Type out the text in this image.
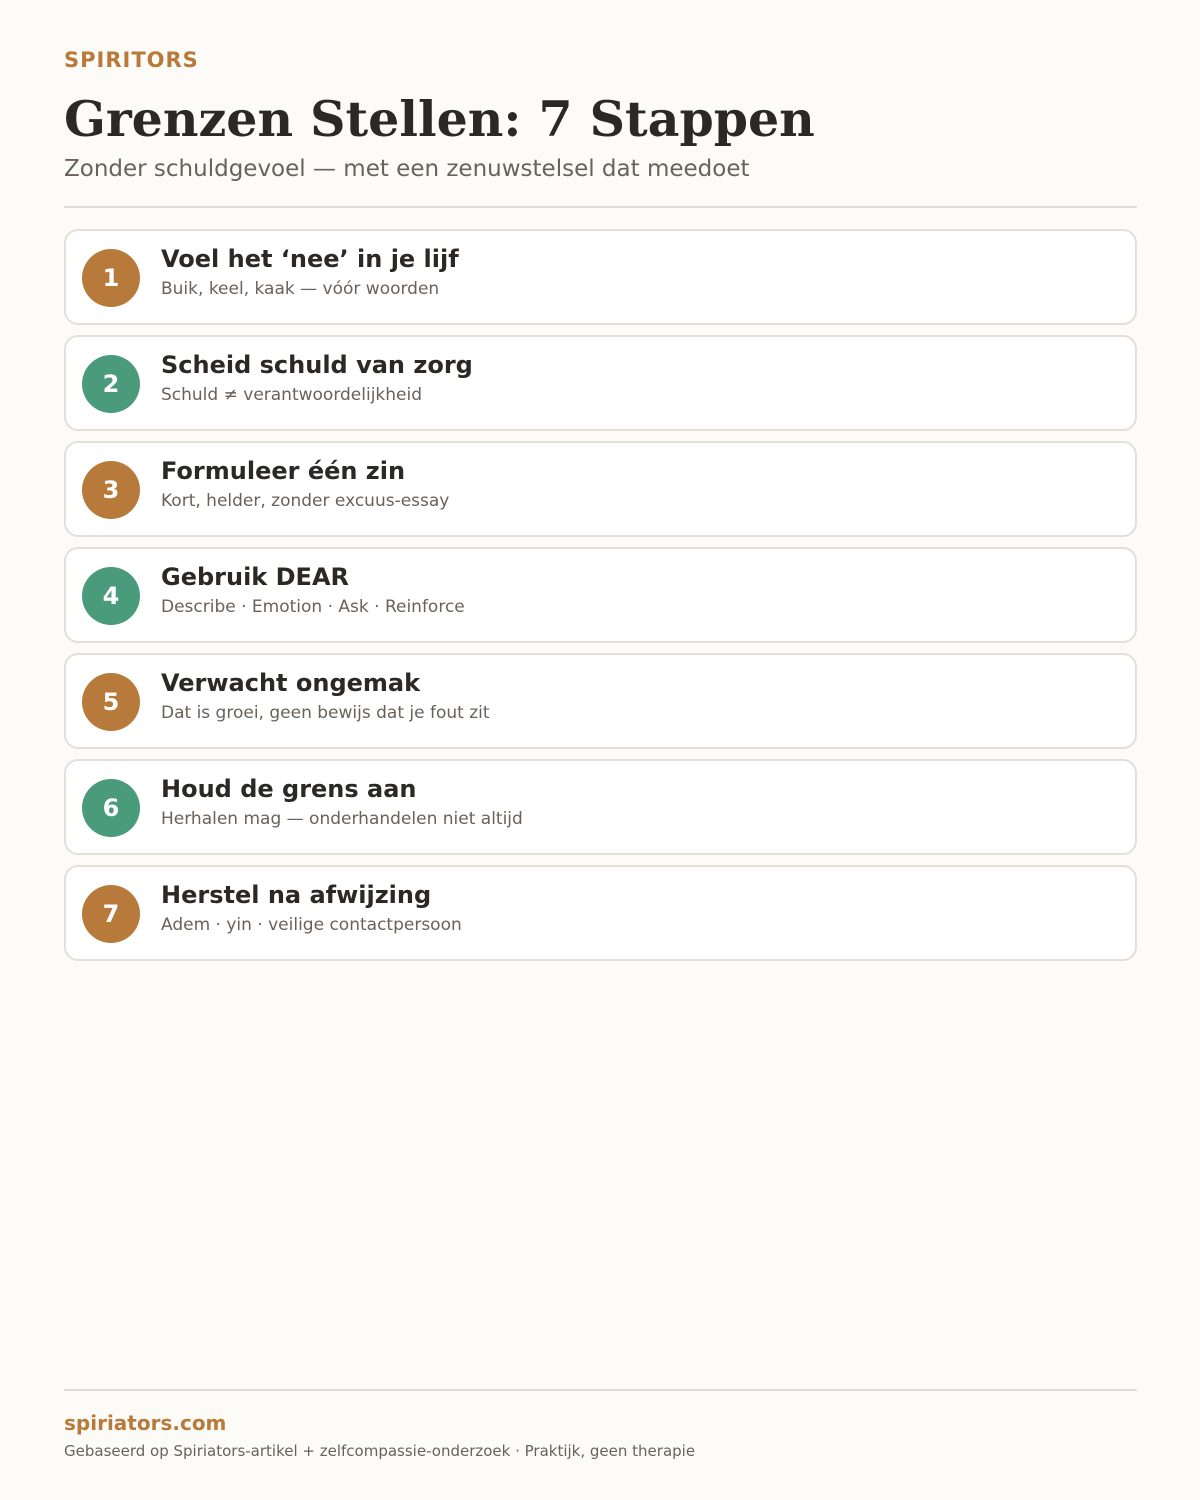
SPIRITORS
Grenzen Stellen: 7 Stappen
Zonder schuldgevoel — met een zenuwstelsel dat meedoet
1
Voel het ‘nee’ in je lijf
Buik, keel, kaak — vóór woorden
2
Scheid schuld van zorg
Schuld ≠ verantwoordelijkheid
3
Formuleer één zin
Kort, helder, zonder excuus-essay
4
Gebruik DEAR
Describe · Emotion · Ask · Reinforce
5
Verwacht ongemak
Dat is groei, geen bewijs dat je fout zit
6
Houd de grens aan
Herhalen mag — onderhandelen niet altijd
7
Herstel na afwijzing
Adem · yin · veilige contactpersoon
spiriators.com
Gebaseerd op Spiriators-artikel + zelfcompassie-onderzoek · Praktijk, geen therapie
